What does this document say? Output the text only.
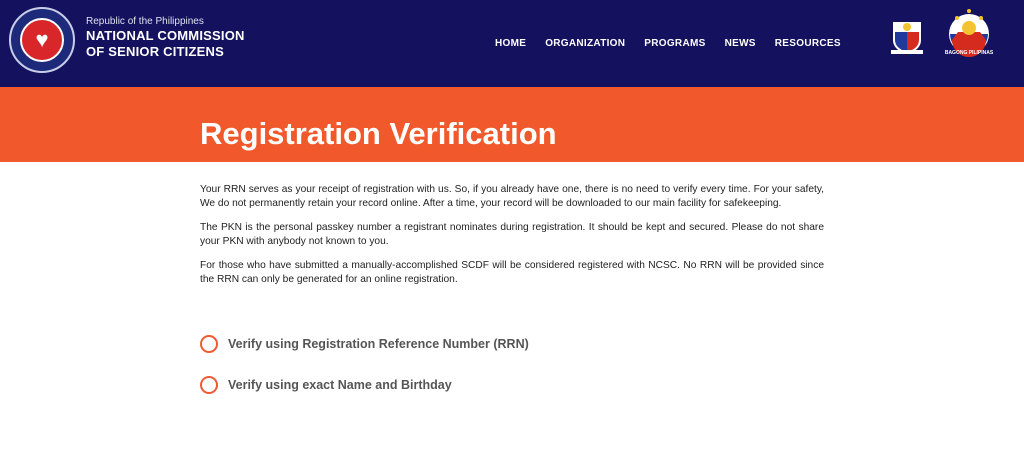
♥
Republic of the Philippines
NATIONAL COMMISSION
OF SENIOR CITIZENS
HOME ORGANIZATION PROGRAMS NEWS RESOURCES
BAGONG PILIPINAS
Registration Verification

Your RRN serves as your receipt of registration with us. So, if you already have one, there is no need to verify every time. For your safety, We do not permanently retain your record online. After a time, your record will be downloaded to our main facility for safekeeping.

The PKN is the personal passkey number a registrant nominates during registration. It should be kept and secured. Please do not share your PKN with anybody not known to you.

For those who have submitted a manually-accomplished SCDF will be considered registered with NCSC. No RRN will be provided since the RRN can only be generated for an online registration.

Verify using Registration Reference Number (RRN)
Verify using exact Name and Birthday
